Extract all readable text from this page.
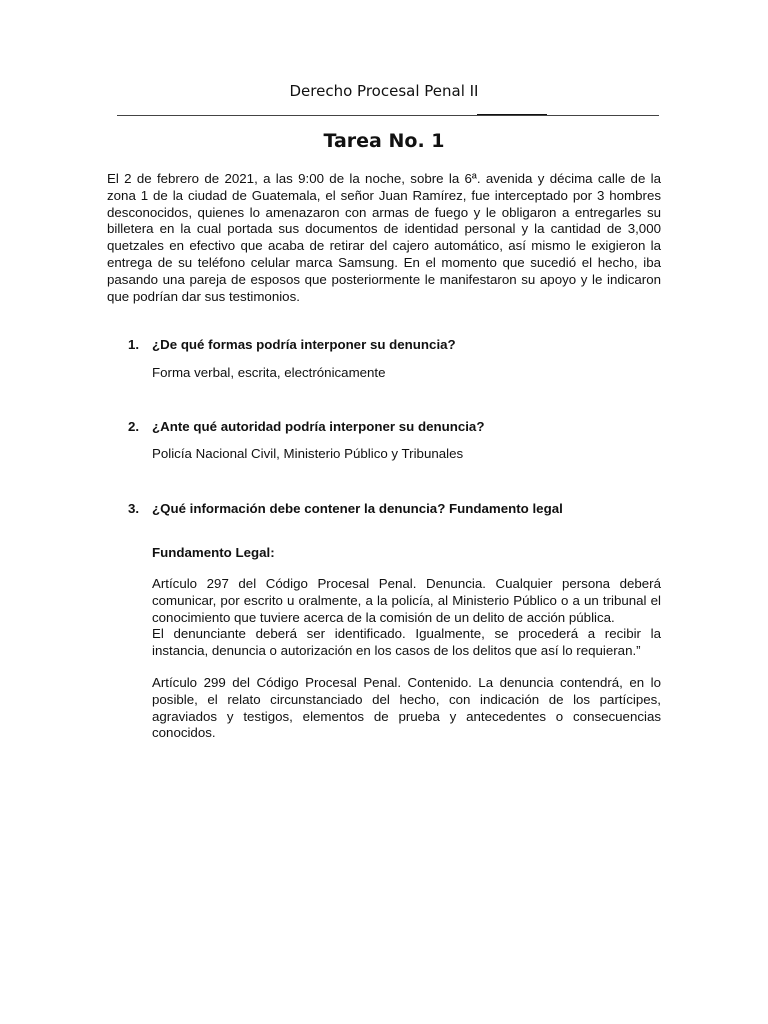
Derecho Procesal Penal II
Tarea No. 1

El 2 de febrero de 2021, a las 9:00 de la noche, sobre la 6ª. avenida y décima calle de la zona 1 de la ciudad de Guatemala, el señor Juan Ramírez, fue interceptado por 3 hombres desconocidos, quienes lo amenazaron con armas de fuego y le obligaron a entregarles su billetera en la cual portada sus documentos de identidad personal y la cantidad de 3,000 quetzales en efectivo que acaba de retirar del cajero automático, así mismo le exigieron la entrega de su teléfono celular marca Samsung. En el momento que sucedió el hecho, iba pasando una pareja de esposos que posteriormente le manifestaron su apoyo y le indicaron que podrían dar sus testimonios.

1. ¿De qué formas podría interponer su denuncia?

Forma verbal, escrita, electrónicamente

2. ¿Ante qué autoridad podría interponer su denuncia?

Policía Nacional Civil, Ministerio Público y Tribunales

3. ¿Qué información debe contener la denuncia? Fundamento legal

Fundamento Legal:

Artículo 297 del Código Procesal Penal. Denuncia. Cualquier persona deberá comunicar, por escrito u oralmente, a la policía, al Ministerio Público o a un tribunal el conocimiento que tuviere acerca de la comisión de un delito de acción pública.
El denunciante deberá ser identificado. Igualmente, se procederá a recibir la instancia, denuncia o autorización en los casos de los delitos que así lo requieran.”

Artículo 299 del Código Procesal Penal. Contenido. La denuncia contendrá, en lo posible, el relato circunstanciado del hecho, con indicación de los partícipes, agraviados y testigos, elementos de prueba y antecedentes o consecuencias conocidos.
